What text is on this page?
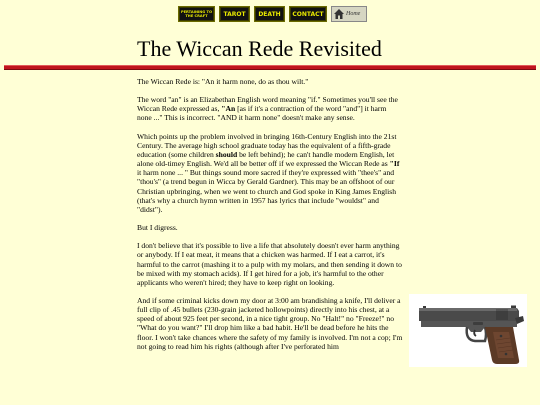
PERTAINING TO THE CRAFT	TAROT	DEATH	CONTACT	Home
The Wiccan Rede Revisited

The Wiccan Rede is: "An it harm none, do as thou wilt."

The word "an" is an Elizabethan English word meaning "if." Sometimes you'll see the Wiccan Rede expressed as, "An [as if it's a contraction of the word "and"] it harm none ..." This is incorrect. "AND it harm none" doesn't make any sense.

Which points up the problem involved in bringing 16th-Century English into the 21st Century. The average high school graduate today has the equivalent of a fifth-grade education (some children should be left behind); he can't handle modern English, let alone old-timey English. We'd all be better off if we expressed the Wiccan Rede as "If it harm none ... " But things sound more sacred if they're expressed with "thee's" and "thou's" (a trend begun in Wicca by Gerald Gardner). This may be an offshoot of our Christian upbringing, when we went to church and God spoke in King James English (that's why a church hymn written in 1957 has lyrics that include "wouldst" and "didst").

But I digress.

I don't believe that it's possible to live a life that absolutely doesn't ever harm anything or anybody. If I eat meat, it means that a chicken was harmed. If I eat a carrot, it's harmful to the carrot (mashing it to a pulp with my molars, and then sending it down to be mixed with my stomach acids). If I get hired for a job, it's harmful to the other applicants who weren't hired; they have to keep right on looking.

And if some criminal kicks down my door at 3:00 am brandishing a knife, I'll deliver a full clip of .45 bullets (230-grain jacketed hollowpoints) directly into his chest, at a speed of about 925 feet per second, in a nice tight group. No "Halt!" no "Freeze!" no "What do you want?" I'll drop him like a bad habit. He'll be dead before he hits the floor. I won't take chances where the safety of my family is involved. I'm not a cop; I'm not going to read him his rights (although after I've perforated him
